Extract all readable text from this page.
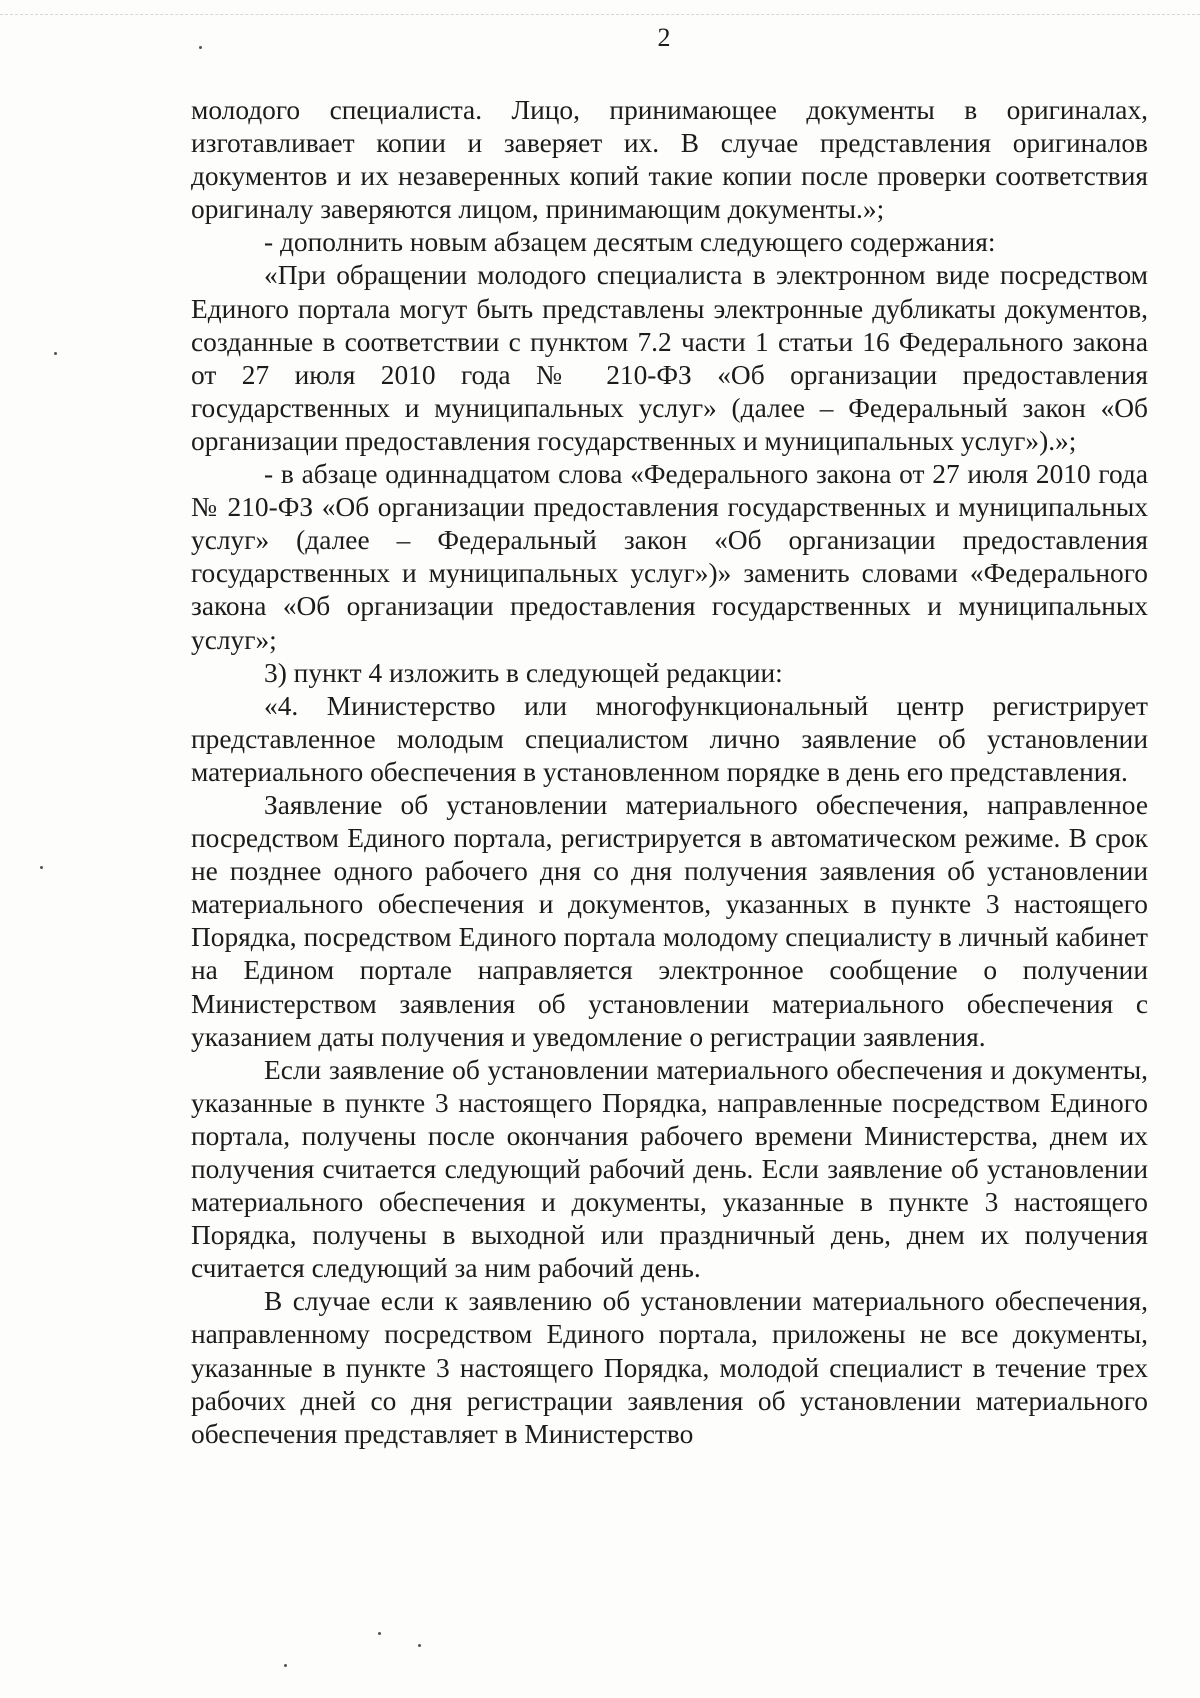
2

молодого специалиста. Лицо, принимающее документы в оригиналах, изготавливает копии и заверяет их. В случае представления оригиналов документов и их незаверенных копий такие копии после проверки соответствия оригиналу заверяются лицом, принимающим документы.»;

- дополнить новым абзацем десятым следующего содержания:

«При обращении молодого специалиста в электронном виде посредством Единого портала могут быть представлены электронные дубликаты документов, созданные в соответствии с пунктом 7.2 части 1 статьи 16 Федерального закона от 27 июля 2010 года № 210-ФЗ «Об организации предоставления государственных и муниципальных услуг» (далее – Федеральный закон «Об организации предоставления государственных и муниципальных услуг»).»;

- в абзаце одиннадцатом слова «Федерального закона от 27 июля 2010 года № 210-ФЗ «Об организации предоставления государственных и муниципальных услуг» (далее – Федеральный закон «Об организации предоставления государственных и муниципальных услуг»)» заменить словами «Федерального закона «Об организации предоставления государственных и муниципальных услуг»;

3) пункт 4 изложить в следующей редакции:

«4. Министерство или многофункциональный центр регистрирует представленное молодым специалистом лично заявление об установлении материального обеспечения в установленном порядке в день его представления.

Заявление об установлении материального обеспечения, направленное посредством Единого портала, регистрируется в автоматическом режиме. В срок не позднее одного рабочего дня со дня получения заявления об установлении материального обеспечения и документов, указанных в пункте 3 настоящего Порядка, посредством Единого портала молодому специалисту в личный кабинет на Едином портале направляется электронное сообщение о получении Министерством заявления об установлении материального обеспечения с указанием даты получения и уведомление о регистрации заявления.

Если заявление об установлении материального обеспечения и документы, указанные в пункте 3 настоящего Порядка, направленные посредством Единого портала, получены после окончания рабочего времени Министерства, днем их получения считается следующий рабочий день. Если заявление об установлении материального обеспечения и документы, указанные в пункте 3 настоящего Порядка, получены в выходной или праздничный день, днем их получения считается следующий за ним рабочий день.

В случае если к заявлению об установлении материального обеспечения, направленному посредством Единого портала, приложены не все документы, указанные в пункте 3 настоящего Порядка, молодой специалист в течение трех рабочих дней со дня регистрации заявления об установлении материального обеспечения представляет в Министерство
